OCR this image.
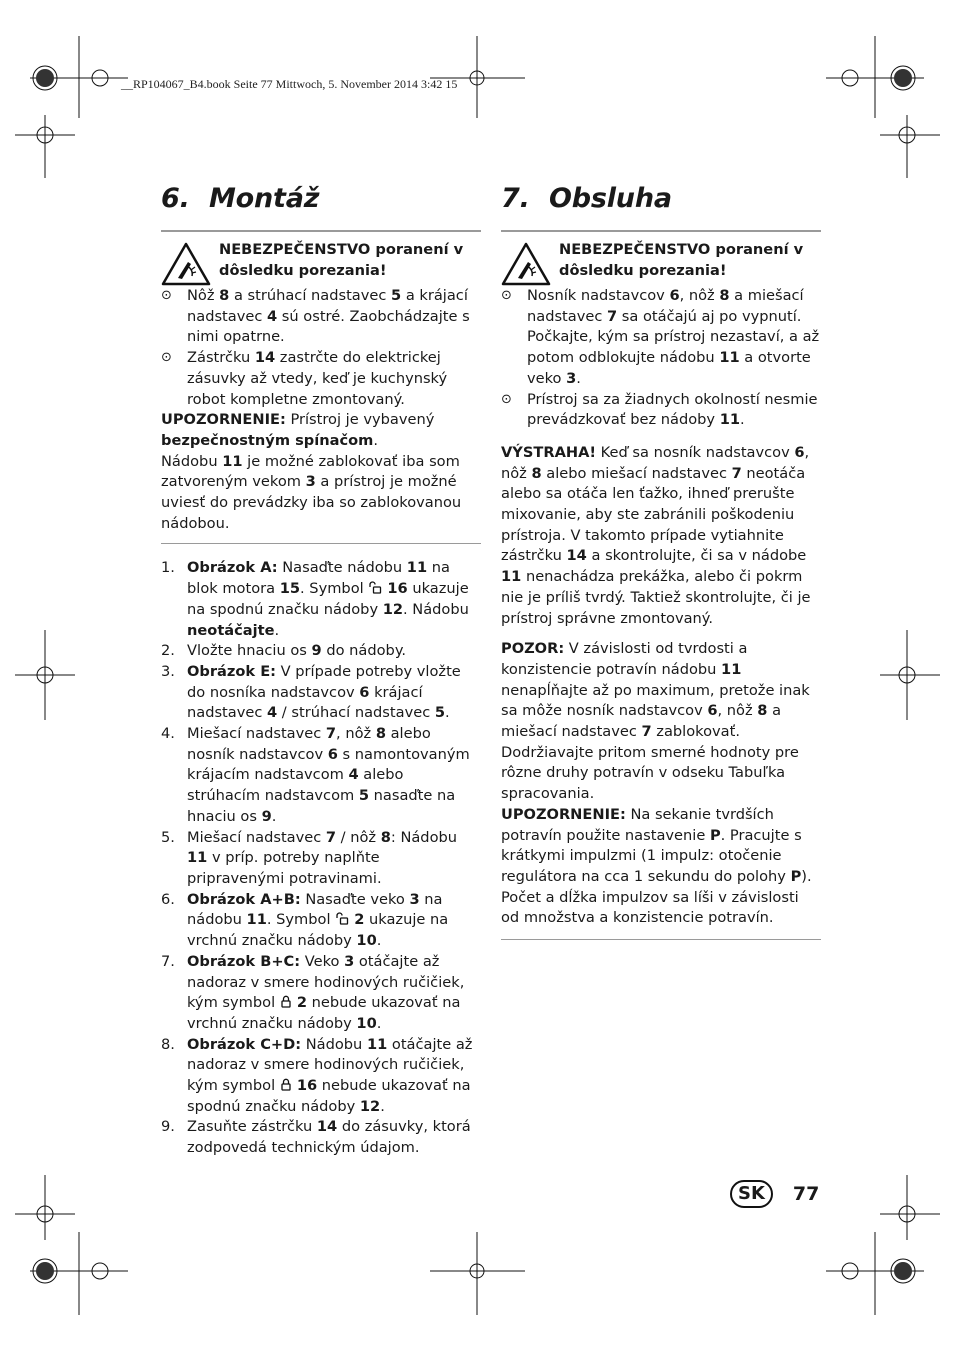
__RP104067_B4.book Seite 77 Mittwoch, 5. November 2014 3:42 15
6. Montáž
NEBEZPEČENSTVO poranení v dôsledku porezania!
⊙	Nôž 8 a strúhací nadstavec 5 a krájací nadstavec 4 sú ostré. Zaobchádzajte s nimi opatrne.

⊙	Zástrčku 14 zastrčte do elektrickej zásuvky až vtedy, keď je kuchynský robot kompletne zmontovaný.

UPOZORNENIE: Prístroj je vybavený bezpečnostným spínačom.

Nádobu 11 je možné zablokovať iba som zatvoreným vekom 3 a prístroj je možné uviesť do prevádzky iba so zablokovanou nádobou.

1. Obrázok A: Nasaďte nádobu 11 na blok motora 15. Symbol  16 ukazuje na spodnú značku nádoby 12. Nádobu neotáčajte.
2. Vložte hnaciu os 9 do nádoby.
3. Obrázok E: V prípade potreby vložte do nosníka nadstavcov 6 krájací nadstavec 4 / strúhací nadstavec 5.
4. Miešací nadstavec 7, nôž 8 alebo nosník nadstavcov 6 s namontovaným krájacím nadstavcom 4 alebo strúhacím nadstavcom 5 nasaďte na hnaciu os 9.
5. Miešací nadstavec 7 / nôž 8: Nádobu 11 v príp. potreby naplňte pripravenými potravinami.
6. Obrázok A+B: Nasaďte veko 3 na nádobu 11. Symbol  2 ukazuje na vrchnú značku nádoby 10.
7. Obrázok B+C: Veko 3 otáčajte až nadoraz v smere hodinových ručičiek, kým symbol  2 nebude ukazovať na vrchnú značku nádoby 10.
8. Obrázok C+D: Nádobu 11 otáčajte až nadoraz v smere hodinových ručičiek, kým symbol  16 nebude ukazovať na spodnú značku nádoby 12.
9. Zasuňte zástrčku 14 do zásuvky, ktorá zodpovedá technickým údajom.
7. Obsluha
NEBEZPEČENSTVO poranení v dôsledku porezania!
⊙	Nosník nadstavcov 6, nôž 8 a miešací nadstavec 7 sa otáčajú aj po vypnutí. Počkajte, kým sa prístroj nezastaví, a až potom odblokujte nádobu 11 a otvorte veko 3.

⊙	Prístroj sa za žiadnych okolností nesmie prevádzkovať bez nádoby 11.

VÝSTRAHA! Keď sa nosník nadstavcov 6, nôž 8 alebo miešací nadstavec 7 neotáča alebo sa otáča len ťažko, ihneď prerušte mixovanie, aby ste zabránili poškodeniu prístroja. V takomto prípade vytiahnite zástrčku 14 a skontrolujte, či sa v nádobe 11 nenachádza prekážka, alebo či pokrm nie je príliš tvrdý. Taktiež skontrolujte, či je prístroj správne zmontovaný.

POZOR: V závislosti od tvrdosti a konzistencie potravín nádobu 11 nenapĺňajte až po maximum, pretože inak sa môže nosník nadstavcov 6, nôž 8 a miešací nadstavec 7 zablokovať. Dodržiavajte pritom smerné hodnoty pre rôzne druhy potravín v odseku Tabuľka spracovania.

UPOZORNENIE: Na sekanie tvrdších potravín použite nastavenie P. Pracujte s krátkymi impulzmi (1 impulz: otočenie regulátora na cca 1 sekundu do polohy P). Počet a dĺžka impulzov sa líši v závislosti od množstva a konzistencie potravín.

SK	77
